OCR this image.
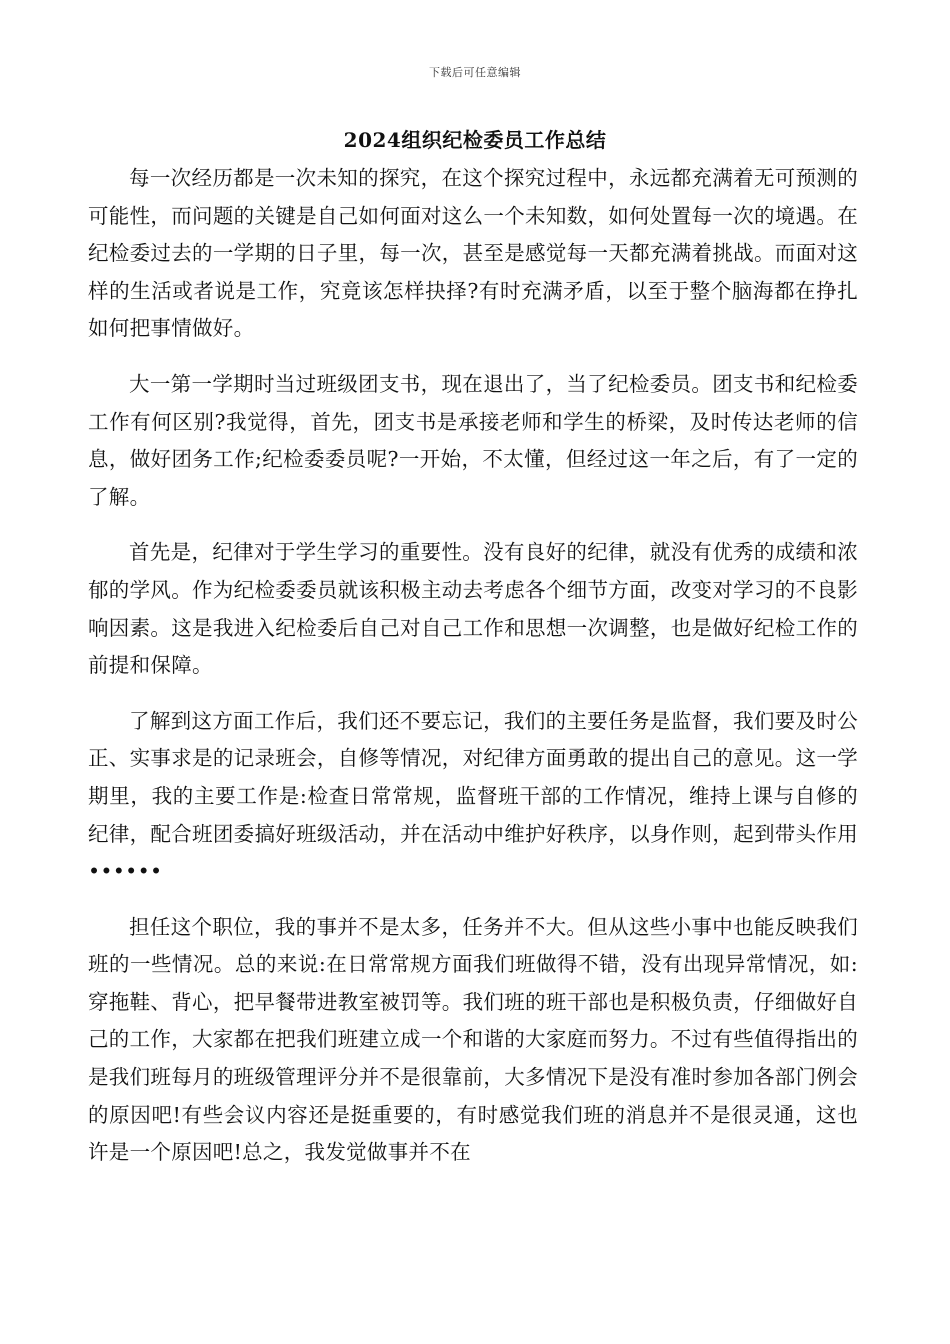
下载后可任意编辑
2024组织纪检委员工作总结

每一次经历都是一次未知的探究，在这个探究过程中，永远都充满着无可预测的可能性，而问题的关键是自己如何面对这么一个未知数，如何处置每一次的境遇。在纪检委过去的一学期的日子里，每一次，甚至是感觉每一天都充满着挑战。而面对这样的生活或者说是工作，究竟该怎样抉择?有时充满矛盾，以至于整个脑海都在挣扎如何把事情做好。

大一第一学期时当过班级团支书，现在退出了，当了纪检委员。团支书和纪检委工作有何区别?我觉得，首先，团支书是承接老师和学生的桥梁，及时传达老师的信息，做好团务工作;纪检委委员呢?一开始，不太懂，但经过这一年之后，有了一定的了解。

首先是，纪律对于学生学习的重要性。没有良好的纪律，就没有优秀的成绩和浓郁的学风。作为纪检委委员就该积极主动去考虑各个细节方面，改变对学习的不良影响因素。这是我进入纪检委后自己对自己工作和思想一次调整，也是做好纪检工作的前提和保障。

了解到这方面工作后，我们还不要忘记，我们的主要任务是监督，我们要及时公正、实事求是的记录班会，自修等情况，对纪律方面勇敢的提出自己的意见。这一学期里，我的主要工作是:检查日常常规，监督班干部的工作情况，维持上课与自修的纪律，配合班团委搞好班级活动，并在活动中维护好秩序，以身作则，起到带头作用••••••

担任这个职位，我的事并不是太多，任务并不大。但从这些小事中也能反映我们班的一些情况。总的来说:在日常常规方面我们班做得不错，没有出现异常情况，如:穿拖鞋、背心，把早餐带进教室被罚等。我们班的班干部也是积极负责，仔细做好自己的工作，大家都在把我们班建立成一个和谐的大家庭而努力。不过有些值得指出的是我们班每月的班级管理评分并不是很靠前，大多情况下是没有准时参加各部门例会的原因吧!有些会议内容还是挺重要的，有时感觉我们班的消息并不是很灵通，这也许是一个原因吧!总之，我发觉做事并不在
